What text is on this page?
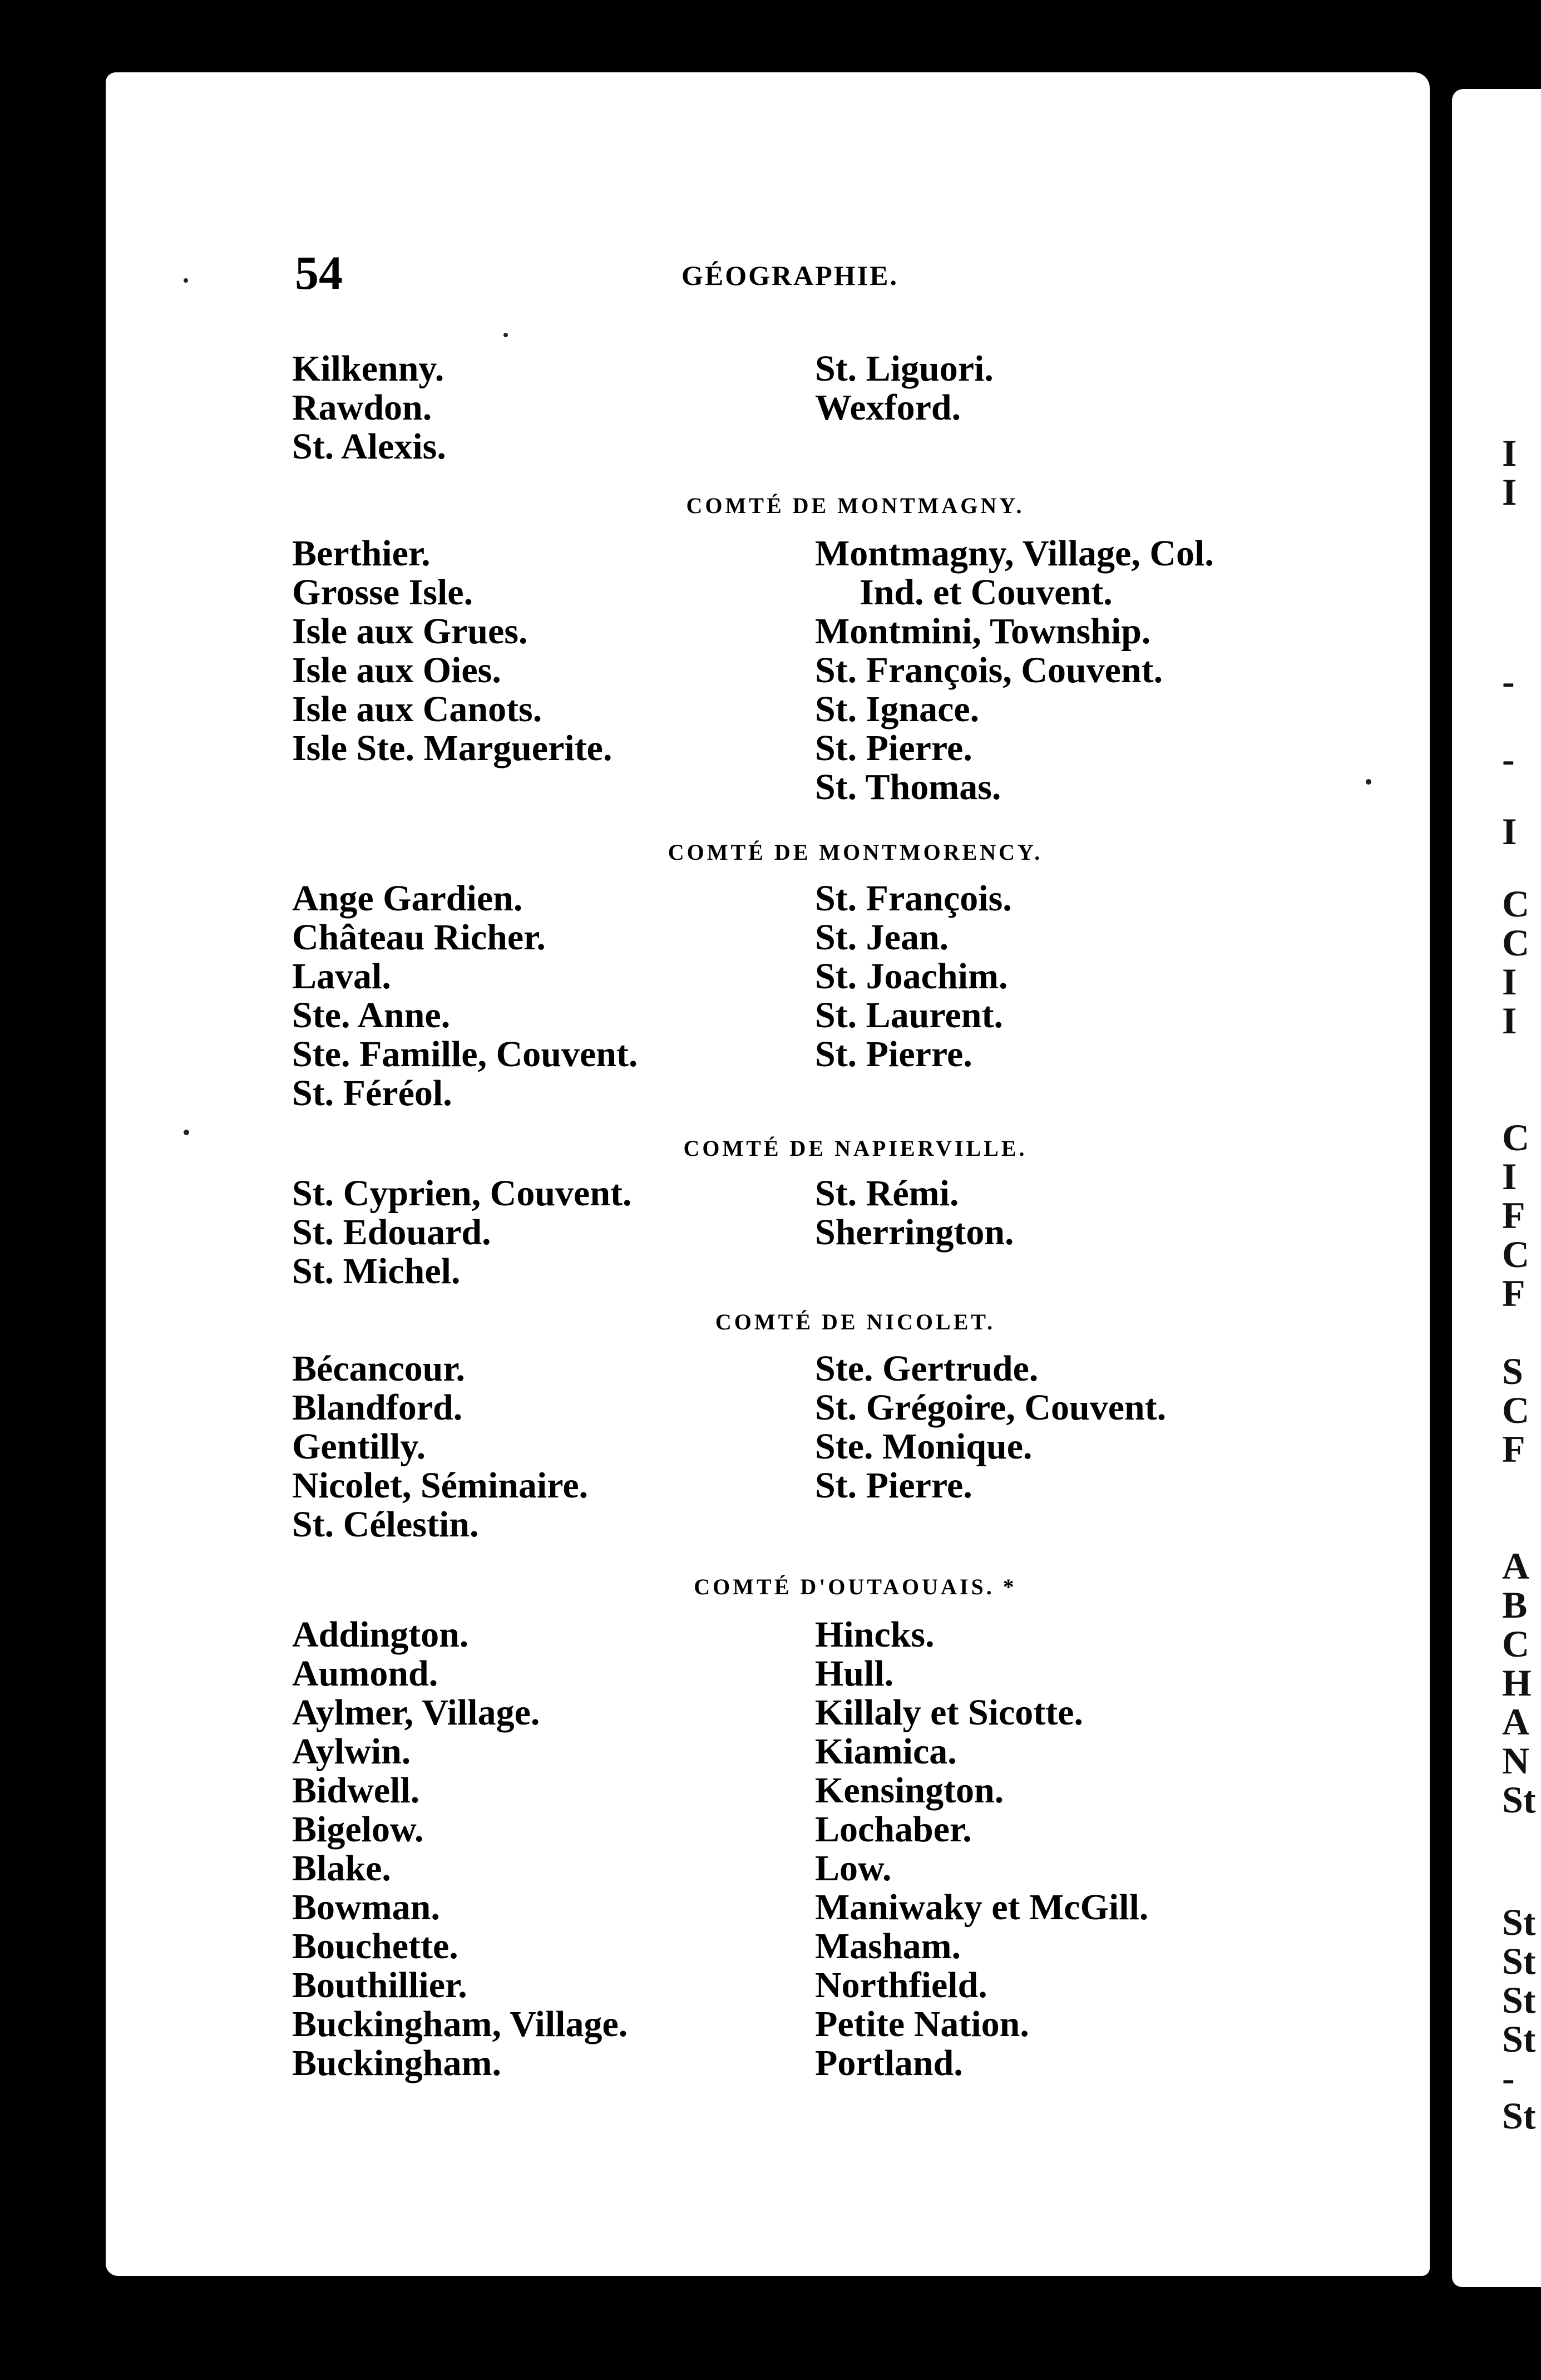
I
I
-
-
I
C
C
I
I
C
I
F
C
F
S
C
F
A
B
C
H
A
N
St
St
St
St
St
-St
54	GÉOGRAPHIE.
Kilkenny.
Rawdon.
St. Alexis.
St. Liguori.
Wexford.
COMTÉ DE MONTMAGNY.
Berthier.
Grosse Isle.
Isle aux Grues.
Isle aux Oies.
Isle aux Canots.
Isle Ste. Marguerite.
Montmagny, Village, Col.
Ind. et Couvent.
Montmini, Township.
St. François, Couvent.
St. Ignace.
St. Pierre.
St. Thomas.
COMTÉ DE MONTMORENCY.
Ange Gardien.
Château Richer.
Laval.
Ste. Anne.
Ste. Famille, Couvent.
St. Féréol.
St. François.
St. Jean.
St. Joachim.
St. Laurent.
St. Pierre.
COMTÉ DE NAPIERVILLE.
St. Cyprien, Couvent.
St. Edouard.
St. Michel.
St. Rémi.
Sherrington.
COMTÉ DE NICOLET.
Bécancour.
Blandford.
Gentilly.
Nicolet, Séminaire.
St. Célestin.
Ste. Gertrude.
St. Grégoire, Couvent.
Ste. Monique.
St. Pierre.
COMTÉ D'OUTAOUAIS. *
Addington.
Aumond.
Aylmer, Village.
Aylwin.
Bidwell.
Bigelow.
Blake.
Bowman.
Bouchette.
Bouthillier.
Buckingham, Village.
Buckingham.
Hincks.
Hull.
Killaly et Sicotte.
Kiamica.
Kensington.
Lochaber.
Low.
Maniwaky et McGill.
Masham.
Northfield.
Petite Nation.
Portland.
